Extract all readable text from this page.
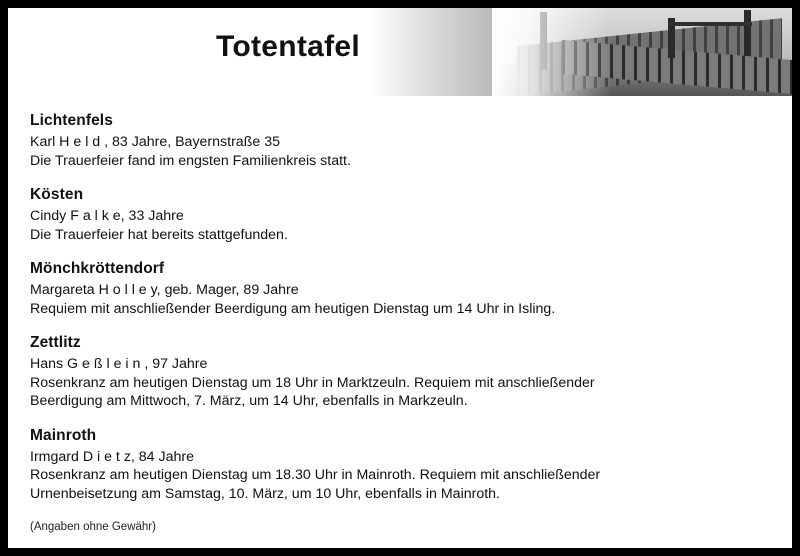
Totentafel
Lichtenfels
Karl H e l d , 83 Jahre, Bayernstraße 35
Die Trauerfeier fand im engsten Familienkreis statt.
Kösten
Cindy F a l k e, 33 Jahre
Die Trauerfeier hat bereits stattgefunden.
Mönchkröttendorf
Margareta H o l l e y, geb. Mager, 89 Jahre
Requiem mit anschließender Beerdigung am heutigen Dienstag um 14 Uhr in Isling.
Zettlitz
Hans G e ß l e i n , 97 Jahre
Rosenkranz am heutigen Dienstag um 18 Uhr in Marktzeuln. Requiem mit anschließender
Beerdigung am Mittwoch, 7. März, um 14 Uhr, ebenfalls in Markzeuln.
Mainroth
Irmgard D i e t z, 84 Jahre
Rosenkranz am heutigen Dienstag um 18.30 Uhr in Mainroth. Requiem mit anschließender
Urnenbeisetzung am Samstag, 10. März, um 10 Uhr, ebenfalls in Mainroth.
(Angaben ohne Gewähr)
